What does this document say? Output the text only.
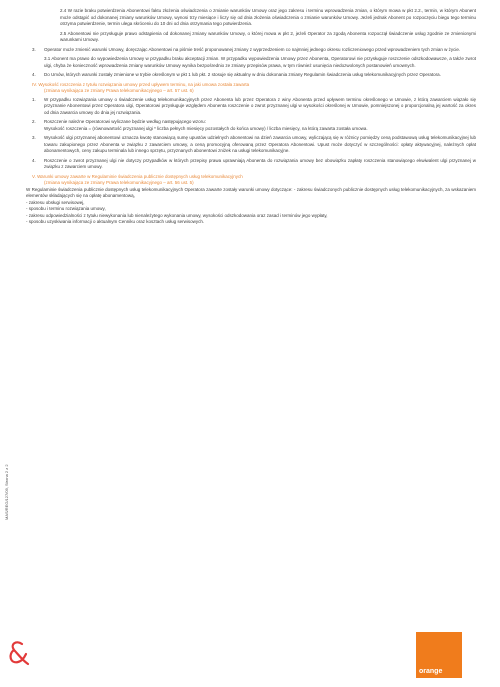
2.4 W razie braku potwierdzenia Abonentowi faktu złożenia oświadczenia o zmianie warunków Umowy oraz jego zakresu i terminu wprowadzenia zmian, o którym mowa w pkt 2.2., termin, w którym Abonent może odstąpić od dokonanej zmiany warunków Umowy, wynosi trzy miesiące i liczy się od dnia złożenia oświadczenia o zmianie warunków Umowy. Jeżeli jednak Abonent po rozpoczęciu biegu tego terminu otrzyma potwierdzenie, termin ulega skróceniu do 10 dni od dnia otrzymania tego potwierdzenia.

2.5 Abonentowi nie przysługuje prawo odstąpienia od dokonanej zmiany warunków Umowy, o której mowa w pkt 2, jeżeli Operator za zgodą Abonenta rozpoczął świadczenie usług zgodnie ze zmienionymi warunkami Umowy.

3.	Operator może zmienić warunki Umowy, doręczając Abonentowi na piśmie treść proponowanej zmiany z wyprzedzeniem co najmniej jednego okresu rozliczeniowego przed wprowadzeniem tych zmian w życie.

3.1 Abonent ma prawo do wypowiedzenia Umowy w przypadku braku akceptacji zmian. W przypadku wypowiedzenia Umowy przez Abonenta, Operatorowi nie przysługuje roszczenie odszkodowawcze, a także zwrot ulgi, chyba że konieczność wprowadzenia zmiany warunków Umowy wynika bezpośrednio ze zmiany przepisów prawa, w tym również usunięcia niedozwolonych postanowień umownych.

4.	Do Umów, których warunki zostały zmienione w trybie określonym w pkt 1 lub pkt. 2 stosuje się aktualny w dniu dokonania zmiany Regulamin świadczenia usług telekomunikacyjnych przez Operatora.
IV. Wysokość roszczenia z tytułu rozwiązania umowy przed upływem terminu, na jaki umowa została zawarta
(zmiana wynikająca ze zmiany Prawa telekomunikacyjnego – art. 57 ust. 6)
1.	W przypadku rozwiązania umowy o świadczenie usług telekomunikacyjnych przez Abonenta lub przez Operatora z winy Abonenta przed upływem terminu określonego w Umowie, z którą zawarciem wiązało się przyznanie Abonentowi przez Operatora ulgi, Operatorowi przysługuje względem Abonenta roszczenie o zwrot przyznanej ulgi w wysokości określonej w Umowie, pomniejszonej o proporcjonalną jej wartość za okres od dnia zawarcia umowy do dnia jej rozwiązania.
2.	Roszczenie należne Operatorowi wyliczane będzie według następującego wzoru:

Wysokość roszczenia = (równowartość przyznanej ulgi * liczba pełnych miesięcy pozostałych do końca umowy) / liczba miesięcy, na którą zawarta została umowa.

3.	Wysokość ulgi przyznanej abonentowi oznacza kwotę stanowiącą sumę upustów udzielnych abonentowi na dzień zawarcia umowy, wyliczającą się w różnicy pomiędzy ceną podstawową usług telekomunikacyjnej lub towaru zakupionego przez Abonenta w związku z zawarciem umowy, a ceną promocyjną oferowaną przez Operatora Abonentowi. Upust może dotyczyć w szczególności: opłaty aktywacyjnej, należnych opłat abonamentowych, ceny zakupu terminala lub innego sprzętu, przyznanych abonentowi zniżek na usługi telekomunikacyjne.
4.	Roszczenie o zwrot przyznanej ulgi nie dotyczy przypadków w których przepisy prawa uprawniają Abonenta do rozwiązania umowy bez obowiązku zapłaty roszczenia stanowiącego ekwiwalent ulgi przyznanej w związku z zawarciem umowy.
V. Warunki umowy zawarte w Regulaminie świadczenia publicznie dostępnych usług telekomunikacyjnych
(zmiana wynikająca ze zmiany Prawa telekomunikacyjnego – art. 56 ust. 5)

W Regulaminie świadczenia publicznie dostępnych usług telekomunikacyjnych Operatora zawarte zostały warunki umowy dotyczące: - zakresu świadczonych publicznie dostępnych usług telekomunikacyjnych, za wskazaniem elementów składających się na opłatę abonamentową,

- zakresu obsługi serwisowej,

- sposobu i terminu rozwiązania umowy,

- zakresu odpowiedzialności z tytułu niewykonania lub nienależytego wykonania umowy, wysokości odszkodowania oraz zasad i terminów jego wypłaty,

- sposobu uzyskiwania informacji o aktualnym Cenniku oraz kosztach usług serwisowych.

MAS/REG/127/09, Strona 2 z 2
orange
